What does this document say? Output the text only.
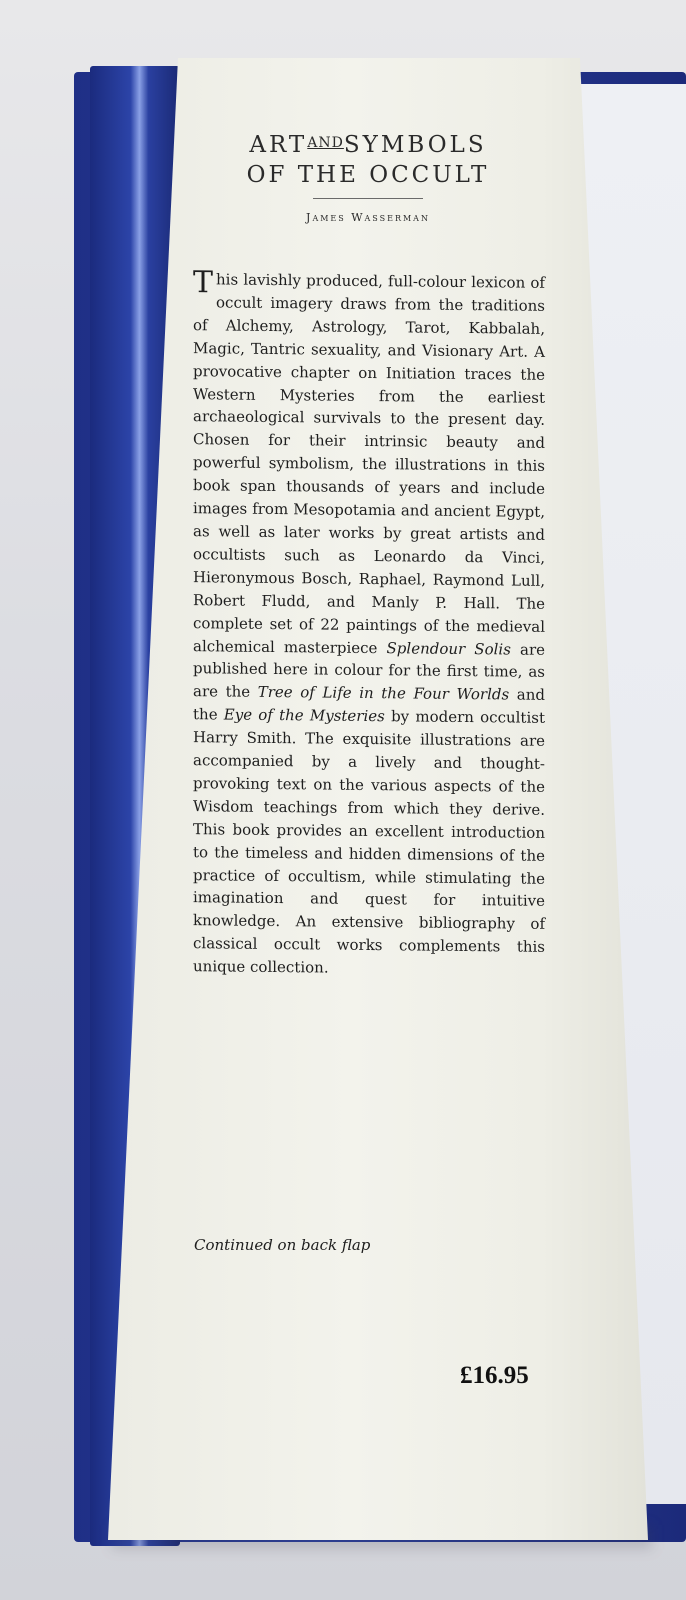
$ART^{AND}SYMBOLS$
OF THE OCCULT

James Wasserman

This lavishly produced, full-colour lexicon of occult imagery draws from the traditions of Alchemy, Astrology, Tarot, Kabbalah, Magic, Tantric sexuality, and Visionary Art. A provocative chapter on Initiation traces the Western Mysteries from the earliest archaeological survivals to the present day. Chosen for their intrinsic beauty and powerful symbolism, the illustrations in this book span thousands of years and include images from Mesopotamia and ancient Egypt, as well as later works by great artists and occultists such as Leonardo da Vinci, Hieronymous Bosch, Raphael, Raymond Lull, Robert Fludd, and Manly P. Hall. The complete set of 22 paintings of the medieval alchemical masterpiece Splendour Solis are published here in colour for the first time, as are the Tree of Life in the Four Worlds and the Eye of the Mysteries by modern occultist Harry Smith. The exquisite illustrations are accompanied by a lively and thought-provoking text on the various aspects of the Wisdom teachings from which they derive. This book provides an excellent introduction to the timeless and hidden dimensions of the practice of occultism, while stimulating the imagination and quest for intuitive knowledge. An extensive bibliography of classical occult works complements this unique collection.

Continued on back flap
£16.95
